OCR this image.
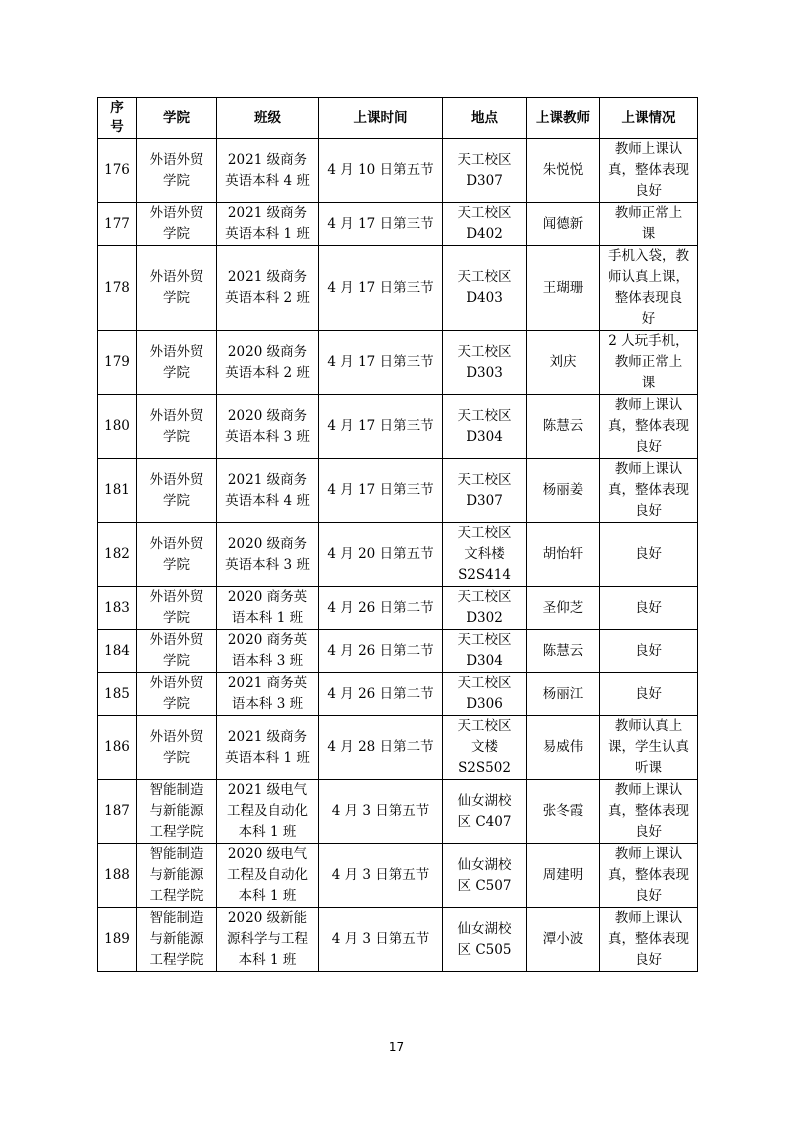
序
号	学院	班级	上课时间	地点	上课教师	上课情况

176	外语外贸
学院	2021 级商务
英语本科 4 班	4 月 10 日第五节	天工校区
D307	朱悦悦	教师上课认
真，整体表现
良好

177	外语外贸
学院	2021 级商务
英语本科 1 班	4 月 17 日第三节	天工校区
D402	闻德新	教师正常上
课

178	外语外贸
学院	2021 级商务
英语本科 2 班	4 月 17 日第三节	天工校区
D403	王瑚珊	手机入袋，教
师认真上课，
整体表现良
好

179	外语外贸
学院	2020 级商务
英语本科 2 班	4 月 17 日第三节	天工校区
D303	刘庆	2 人玩手机，
教师正常上
课

180	外语外贸
学院	2020 级商务
英语本科 3 班	4 月 17 日第三节	天工校区
D304	陈慧云	教师上课认
真，整体表现
良好

181	外语外贸
学院	2021 级商务
英语本科 4 班	4 月 17 日第三节	天工校区
D307	杨丽姜	教师上课认
真，整体表现
良好

182	外语外贸
学院	2020 级商务
英语本科 3 班	4 月 20 日第五节	天工校区
文科楼
S2S414	胡怡轩	良好

183	外语外贸
学院	2020 商务英
语本科 1 班	4 月 26 日第二节	天工校区
D302	圣仰芝	良好

184	外语外贸
学院	2020 商务英
语本科 3 班	4 月 26 日第二节	天工校区
D304	陈慧云	良好

185	外语外贸
学院	2021 商务英
语本科 3 班	4 月 26 日第二节	天工校区
D306	杨丽江	良好

186	外语外贸
学院	2021 级商务
英语本科 1 班	4 月 28 日第二节	天工校区
文楼
S2S502	易威伟	教师认真上
课，学生认真
听课

187	智能制造
与新能源
工程学院	2021 级电气
工程及自动化
本科 1 班	4 月 3 日第五节	仙女湖校
区 C407	张冬霞	教师上课认
真，整体表现
良好

188	智能制造
与新能源
工程学院	2020 级电气
工程及自动化
本科 1 班	4 月 3 日第五节	仙女湖校
区 C507	周建明	教师上课认
真，整体表现
良好

189	智能制造
与新能源
工程学院	2020 级新能
源科学与工程
本科 1 班	4 月 3 日第五节	仙女湖校
区 C505	潭小波	教师上课认
真，整体表现
良好
17
